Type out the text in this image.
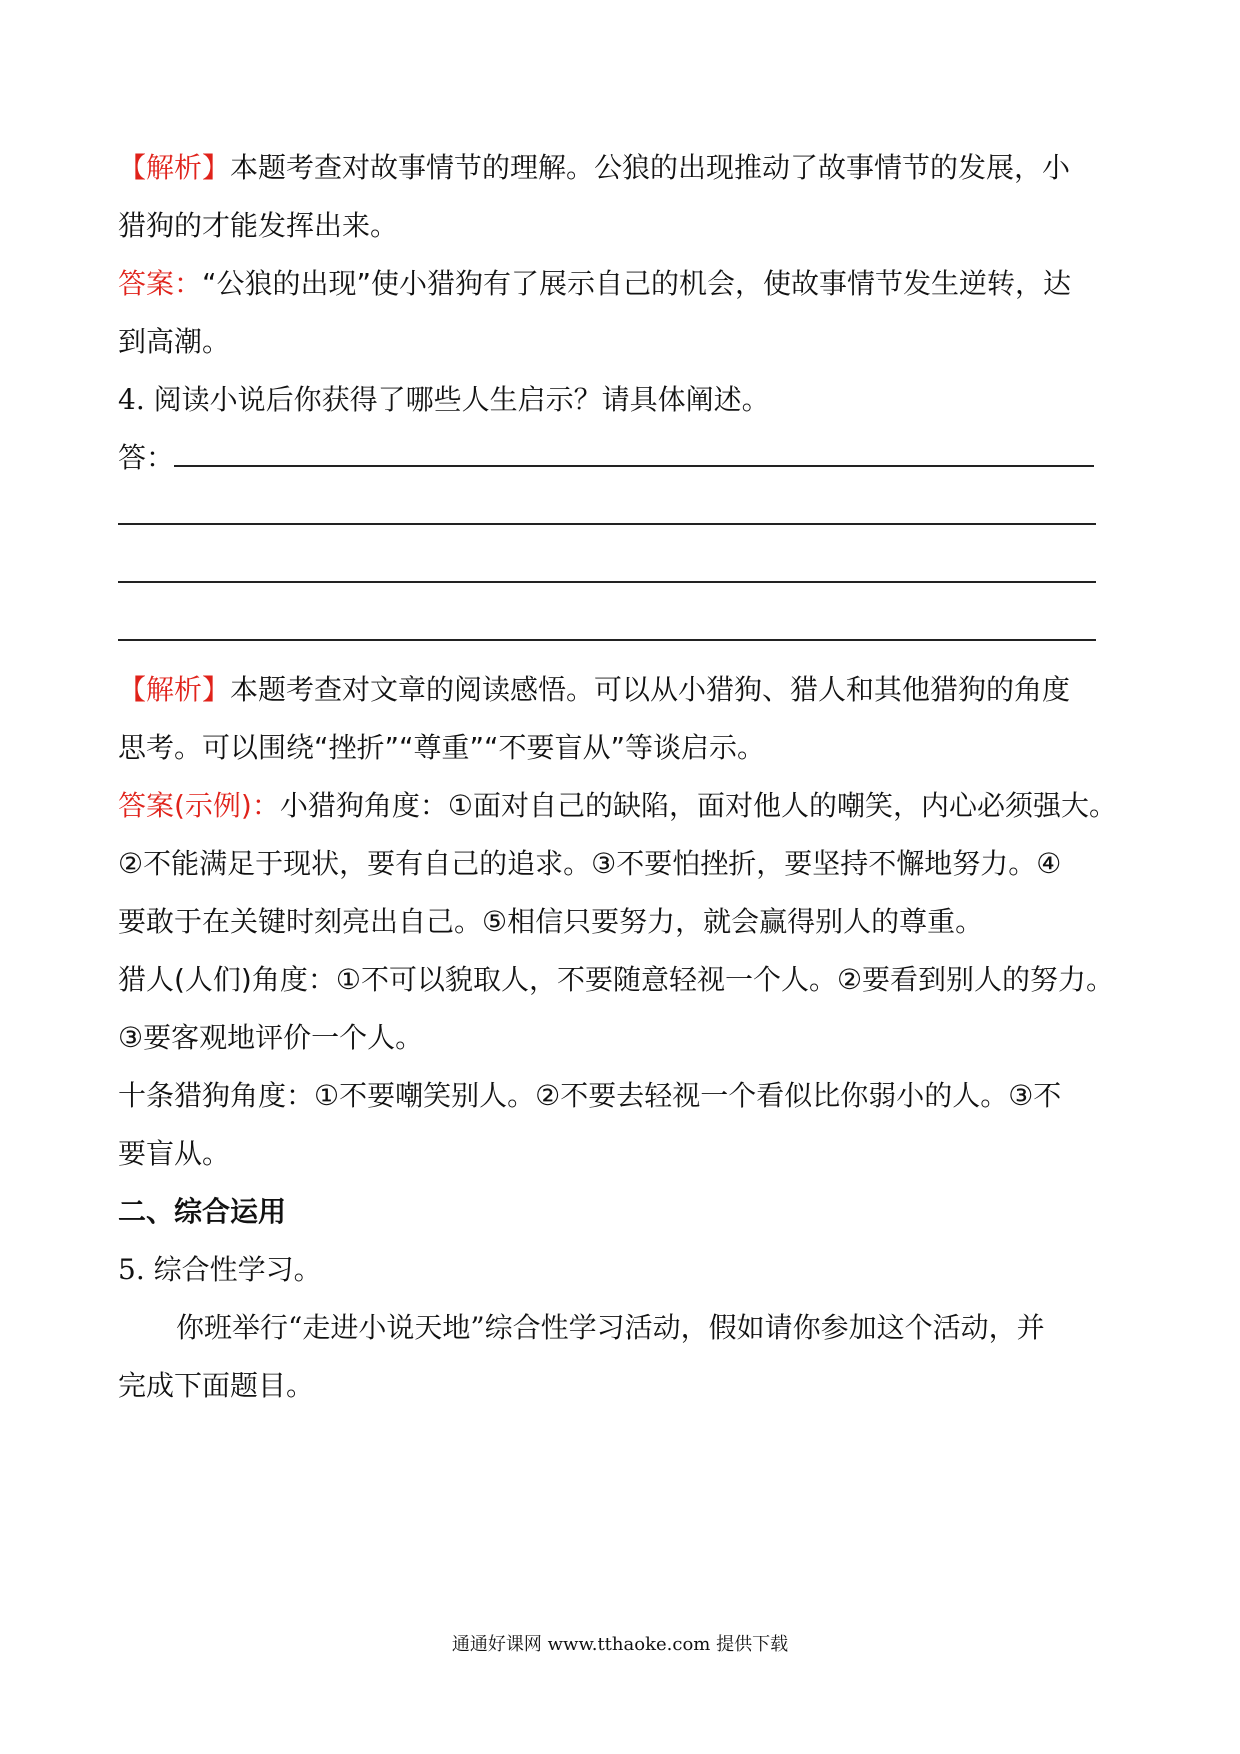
【解析】本题考查对故事情节的理解。公狼的出现推动了故事情节的发展，小

猎狗的才能发挥出来。

答案：“公狼的出现”使小猎狗有了展示自己的机会，使故事情节发生逆转，达

到高潮。

4. 阅读小说后你获得了哪些人生启示？请具体阐述。

答：

【解析】本题考查对文章的阅读感悟。可以从小猎狗、猎人和其他猎狗的角度

思考。可以围绕“挫折”“尊重”“不要盲从”等谈启示。

答案(示例)：小猎狗角度：①面对自己的缺陷，面对他人的嘲笑，内心必须强大。

②不能满足于现状，要有自己的追求。③不要怕挫折，要坚持不懈地努力。④

要敢于在关键时刻亮出自己。⑤相信只要努力，就会赢得别人的尊重。

猎人(人们)角度：①不可以貌取人，不要随意轻视一个人。②要看到别人的努力。

③要客观地评价一个人。

十条猎狗角度：①不要嘲笑别人。②不要去轻视一个看似比你弱小的人。③不

要盲从。

二、综合运用

5. 综合性学习。

你班举行“走进小说天地”综合性学习活动，假如请你参加这个活动，并

完成下面题目。

通通好课网 www.tthaoke.com 提供下载
